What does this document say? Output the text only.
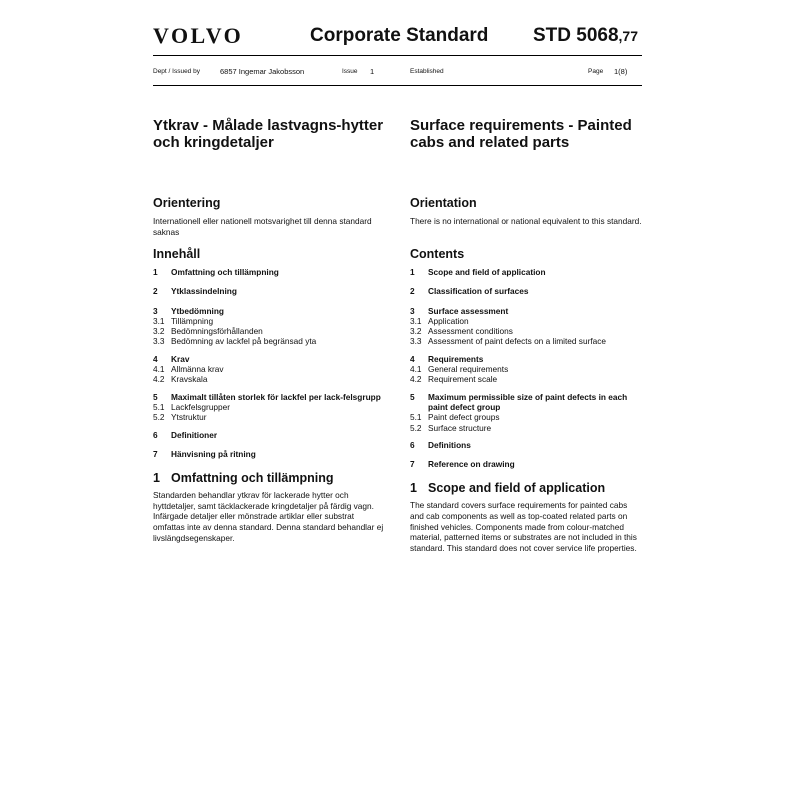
VOLVO	Corporate Standard STD 5068,77
Dept / Issued by	6857 Ingemar Jakobsson	Issue 1	Established	Page 1(8)

Ytkrav - Målade lastvagns-hytter och kringdetaljer

Orientering

Internationell eller nationell motsvarighet till denna standard saknas

Innehåll

1	Omfattning och tillämpning
2	Ytklassindelning
3	Ytbedömning
3.1 Tillämpning
3.2 Bedömningsförhållanden
3.3 Bedömning av lackfel på begränsad yta
4	Krav
4.1 Allmänna krav
4.2 Kravskala
5	Maximalt tillåten storlek för lackfel per lack-felsgrupp
5.1 Lackfelsgrupper
5.2 Ytstruktur
6	Definitioner
7	Hänvisning på ritning
1 Omfattning och tillämpning

Standarden behandlar ytkrav för lackerade hytter och hyttdetaljer, samt täcklackerade kringdetaljer på färdig vagn. Infärgade detaljer eller mönstrade artiklar eller substrat omfattas inte av denna standard. Denna standard behandlar ej livslängdsegenskaper.

Surface requirements - Painted cabs and related parts

Orientation

There is no international or national equivalent to this standard.

Contents

1	Scope and field of application
2	Classification of surfaces
3	Surface assessment
3.1 Application
3.2 Assessment conditions
3.3 Assessment of paint defects on a limited surface
4	Requirements
4.1 General requirements
4.2 Requirement scale
5	Maximum permissible size of paint defects in each paint defect group
5.1 Paint defect groups
5.2 Surface structure
6	Definitions
7	Reference on drawing
1 Scope and field of application

The standard covers surface requirements for painted cabs and cab components as well as top-coated related parts on finished vehicles. Components made from colour-matched material, patterned items or substrates are not included in this standard. This standard does not cover service life properties.
